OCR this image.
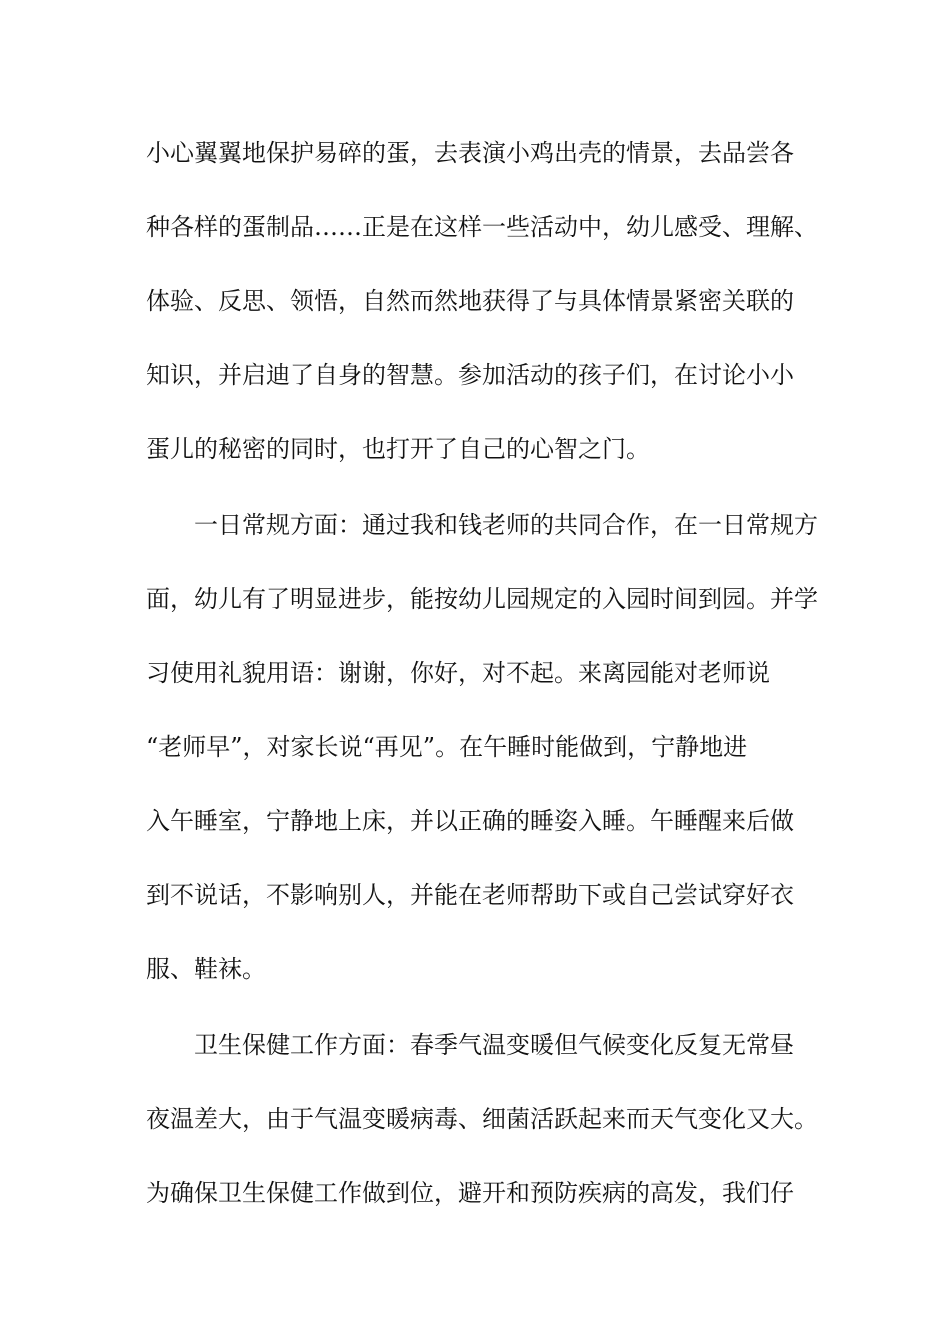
小心翼翼地保护易碎的蛋，去表演小鸡出壳的情景，去品尝各

种各样的蛋制品……正是在这样一些活动中，幼儿感受、理解、

体验、反思、领悟，自然而然地获得了与具体情景紧密关联的

知识，并启迪了自身的智慧。参加活动的孩子们，在讨论小小

蛋儿的秘密的同时，也打开了自己的心智之门。

一日常规方面：通过我和钱老师的共同合作，在一日常规方

面，幼儿有了明显进步，能按幼儿园规定的入园时间到园。并学

习使用礼貌用语：谢谢，你好，对不起。来离园能对老师说

“老师早”，对家长说“再见”。在午睡时能做到，宁静地进

入午睡室，宁静地上床，并以正确的睡姿入睡。午睡醒来后做

到不说话，不影响别人，并能在老师帮助下或自己尝试穿好衣

服、鞋袜。

卫生保健工作方面：春季气温变暖但气候变化反复无常昼

夜温差大，由于气温变暖病毒、细菌活跃起来而天气变化又大。

为确保卫生保健工作做到位，避开和预防疾病的高发，我们仔
